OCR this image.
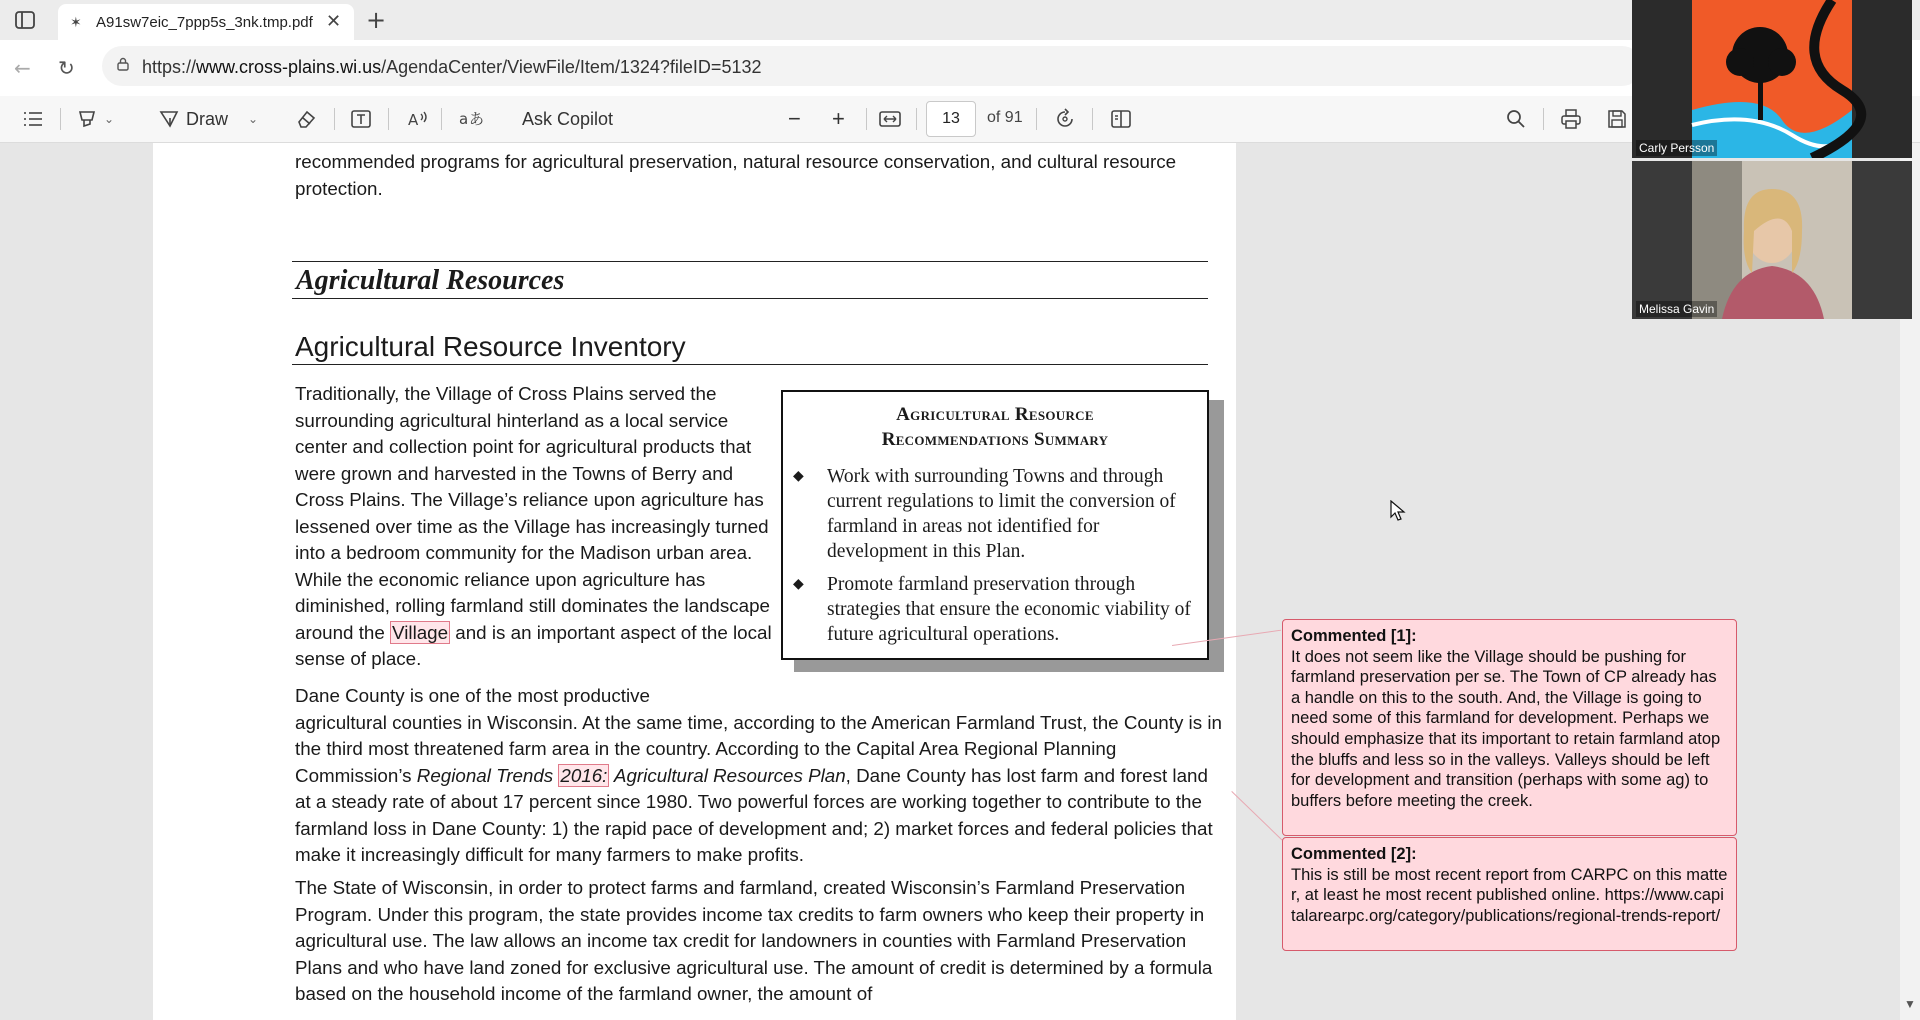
✶ A91sw7eic_7ppp5s_3nk.tmp.pdf ✕ +
← ↻	https://www.cross-plains.wi.us/AgendaCenter/ViewFile/Item/1324?fileID=5132
⌄	Draw ⌄	A	a あ Ask Copilot	− +	13	of 91
recommended programs for agricultural preservation, natural resource conservation, and cultural resource protection.
Agricultural Resources
Agricultural Resource Inventory
Traditionally, the Village of Cross Plains served the surrounding agricultural hinterland as a local service center and collection point for agricultural products that were grown and harvested in the Towns of Berry and Cross Plains. The Village’s reliance upon agriculture has lessened over time as the Village has increasingly turned into a bedroom community for the Madison urban area. While the economic reliance upon agriculture has diminished, rolling farmland still dominates the landscape around the Village and is an important aspect of the local sense of place.
Agricultural Resource
Recommendations Summary
◆ Work with surrounding Towns and through current regulations to limit the conversion of farmland in areas not identified for development in this Plan.
◆ Promote farmland preservation through strategies that ensure the economic viability of future agricultural operations.
Dane County is one of the most productive
agricultural counties in Wisconsin. At the same time, according to the American Farmland Trust, the County is in the third most threatened farm area in the country. According to the Capital Area Regional Planning Commission’s Regional Trends 2016: Agricultural Resources Plan, Dane County has lost farm and forest land at a steady rate of about 17 percent since 1980. Two powerful forces are working together to contribute to the farmland loss in Dane County: 1) the rapid pace of development and; 2) market forces and federal policies that make it increasingly difficult for many farmers to make profits.
The State of Wisconsin, in order to protect farms and farmland, created Wisconsin’s Farmland Preservation Program. Under this program, the state provides income tax credits to farm owners who keep their property in agricultural use. The law allows an income tax credit for landowners in counties with Farmland Preservation Plans and who have land zoned for exclusive agricultural use. The amount of credit is determined by a formula based on the household income of the farmland owner, the amount of
Commented [1]:
It does not seem like the Village should be pushing for farmland preservation per se. The Town of CP already has a handle on this to the south. And, the Village is going to need some of this farmland for development. Perhaps we should emphasize that its important to retain farmland atop the bluffs and less so in the valleys. Valleys should be left for development and transition (perhaps with some ag) to buffers before meeting the creek.
Commented [2]:
This is still be most recent report from CARPC on this matter, at least he most recent published online. https://www.capitalarearpc.org/category/publications/regional-trends-report/
▼
Carly Persson
Melissa Gavin
